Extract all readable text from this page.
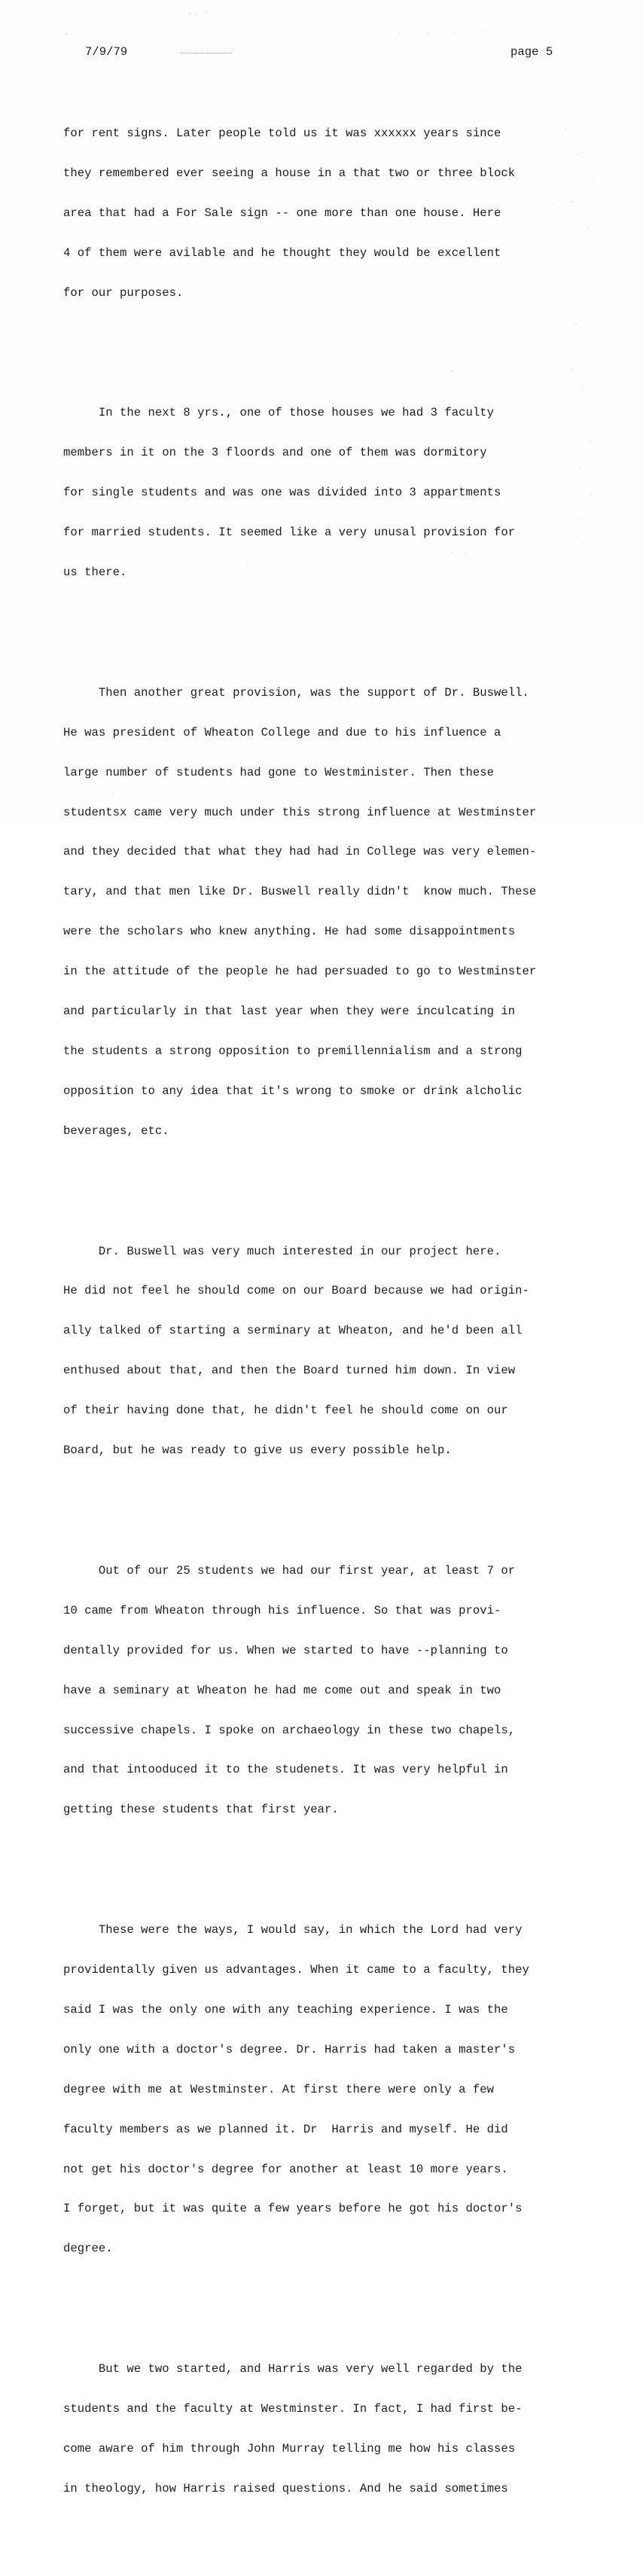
7/9/79	page 5

for rent signs. Later people told us it was xxxxxx years since

they remembered ever seeing a house in a that two or three block

area that had a For Sale sign -- one more than one house. Here

4 of them were avilable and he thought they would be excellent

for our purposes.

In the next 8 yrs., one of those houses we had 3 faculty

members in it on the 3 floords and one of them was dormitory

for single students and was one was divided into 3 appartments

for married students. It seemed like a very unusal provision for

us there.

Then another great provision, was the support of Dr. Buswell.

He was president of Wheaton College and due to his influence a

large number of students had gone to Westminister. Then these

studentsx came very much under this strong influence at Westminster

and they decided that what they had had in College was very elemen-

tary, and that men like Dr. Buswell really didn't  know much. These

were the scholars who knew anything. He had some disappointments

in the attitude of the people he had persuaded to go to Westminster

and particularly in that last year when they were inculcating in

the students a strong opposition to premillennialism and a strong

opposition to any idea that it's wrong to smoke or drink alcholic

beverages, etc.

Dr. Buswell was very much interested in our project here.

He did not feel he should come on our Board because we had origin-

ally talked of starting a serminary at Wheaton, and he'd been all

enthused about that, and then the Board turned him down. In view

of their having done that, he didn't feel he should come on our

Board, but he was ready to give us every possible help.

Out of our 25 students we had our first year, at least 7 or

10 came from Wheaton through his influence. So that was provi-

dentally provided for us. When we started to have --planning to

have a seminary at Wheaton he had me come out and speak in two

successive chapels. I spoke on archaeology in these two chapels,

and that intooduced it to the studenets. It was very helpful in

getting these students that first year.

These were the ways, I would say, in which the Lord had very

providentally given us advantages. When it came to a faculty, they

said I was the only one with any teaching experience. I was the

only one with a doctor's degree. Dr. Harris had taken a master's

degree with me at Westminster. At first there were only a few

faculty members as we planned it. Dr  Harris and myself. He did

not get his doctor's degree for another at least 10 more years.

I forget, but it was quite a few years before he got his doctor's

degree.

But we two started, and Harris was very well regarded by the

students and the faculty at Westminster. In fact, I had first be-

come aware of him through John Murray telling me how his classes

in theology, how Harris raised questions. And he said sometimes
